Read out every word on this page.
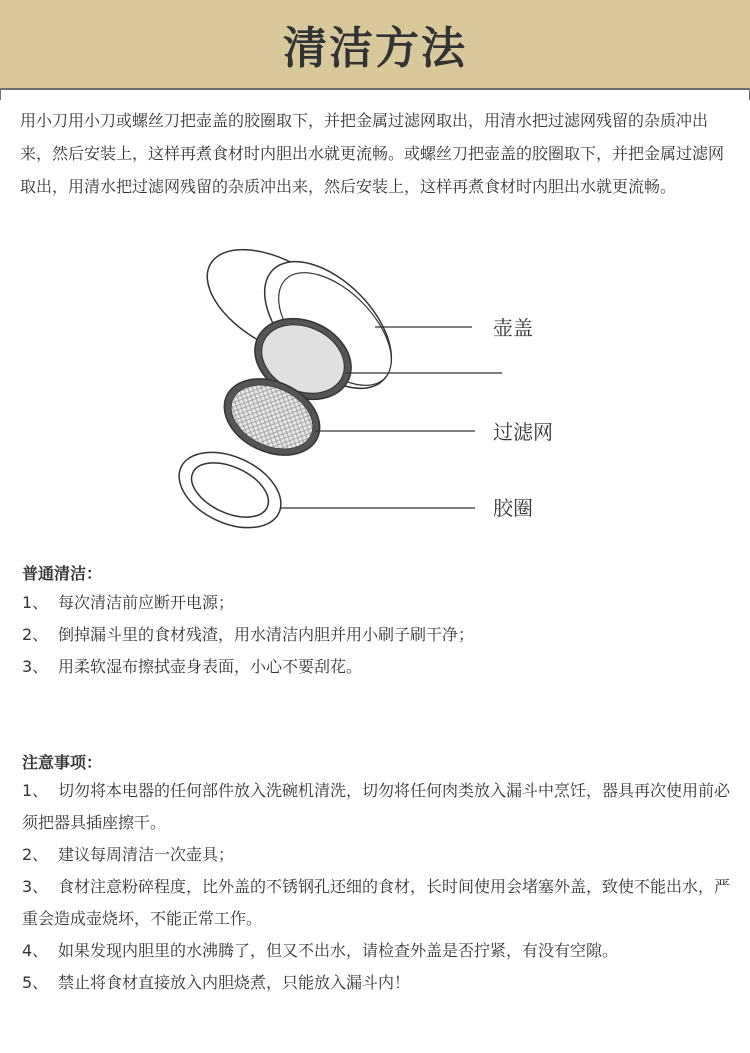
清洁方法

用小刀用小刀或螺丝刀把壶盖的胶圈取下，并把金属过滤网取出，用清水把过滤网残留的杂质冲出来，然后安装上，这样再煮食材时内胆出水就更流畅。或螺丝刀把壶盖的胶圈取下，并把金属过滤网取出，用清水把过滤网残留的杂质冲出来，然后安装上，这样再煮食材时内胆出水就更流畅。

壶盖
过滤网
胶圈

普通清洁：

1、 每次清洁前应断开电源；
2、 倒掉漏斗里的食材残渣，用水清洁内胆并用小刷子刷干净；
3、 用柔软湿布擦拭壶身表面，小心不要刮花。

注意事项：

1、 切勿将本电器的任何部件放入洗碗机清洗，切勿将任何肉类放入漏斗中烹饪，器具再次使用前必须把器具插座擦干。
2、 建议每周清洁一次壶具；
3、 食材注意粉碎程度，比外盖的不锈钢孔还细的食材，长时间使用会堵塞外盖，致使不能出水，严重会造成壶烧坏，不能正常工作。
4、 如果发现内胆里的水沸腾了，但又不出水，请检查外盖是否拧紧，有没有空隙。
5、 禁止将食材直接放入内胆烧煮，只能放入漏斗内！
